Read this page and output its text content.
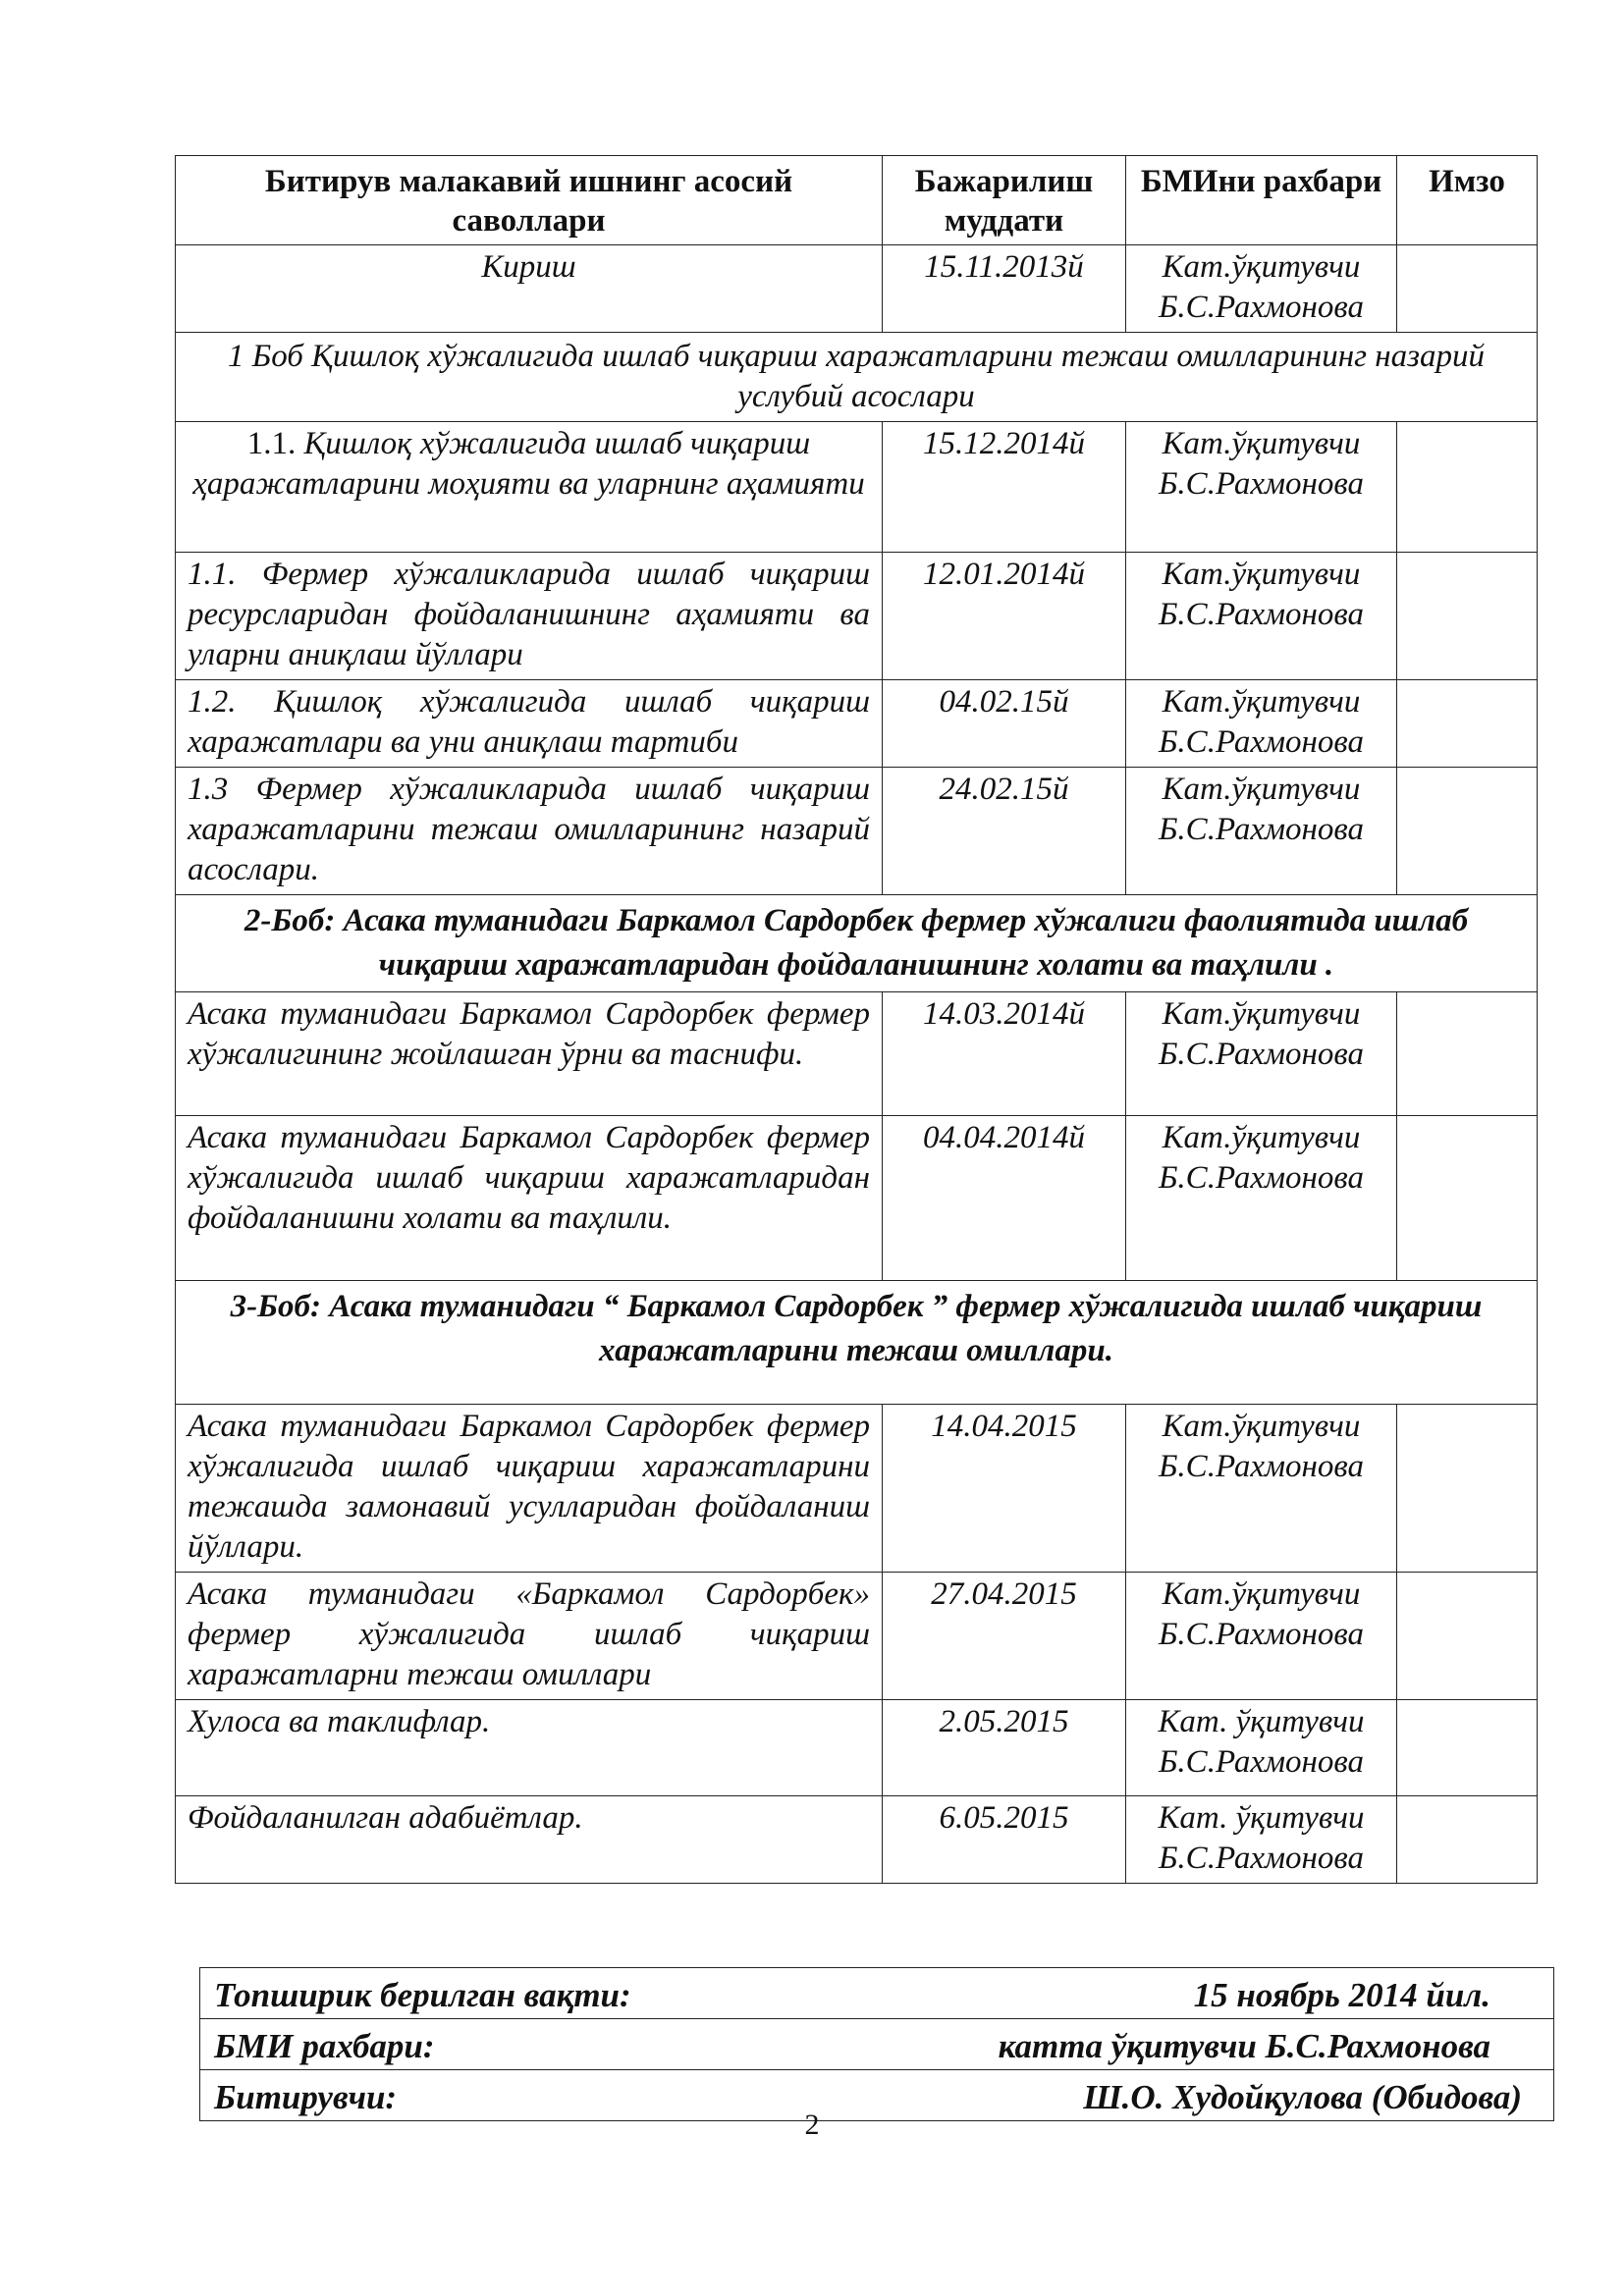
Битирув малакавий ишнинг асосий саволлари	Бажарилиш муддати	БМИни рахбари	Имзо
Кириш	15.11.2013й	Кат.ўқитувчи
Б.С.Рахмонова	

1 Боб Қишлоқ хўжалигида ишлаб чиқариш харажатларини тежаш омилларининг назарий услубий асослари			
1.1. Қишлоқ хўжалигида ишлаб чиқариш ҳаражатларини моҳияти ва уларнинг аҳамияти	15.12.2014й	Кат.ўқитувчи
Б.С.Рахмонова	

1.1. Фермер хўжаликларида ишлаб чиқариш ресурсларидан фойдаланишнинг аҳамияти ва уларни аниқлаш йўллари	12.01.2014й	Кат.ўқитувчи
Б.С.Рахмонова	

1.2. Қишлоқ хўжалигида ишлаб чиқариш харажатлари ва уни аниқлаш тартиби	04.02.15й	Кат.ўқитувчи
Б.С.Рахмонова	

1.3 Фермер хўжаликларида ишлаб чиқариш харажатларини тежаш омилларининг назарий асослари.	24.02.15й	Кат.ўқитувчи
Б.С.Рахмонова	

2-Боб: Асака туманидаги Баркамол Сардорбек фермер хўжалиги фаолиятида ишлаб чиқариш харажатларидан фойдаланишнинг холати ва таҳлили .			
Асака туманидаги Баркамол Сардорбек фермер хўжалигининг жойлашган ўрни ва таснифи.	14.03.2014й	Кат.ўқитувчи
Б.С.Рахмонова	

Асака туманидаги Баркамол Сардорбек фермер хўжалигида ишлаб чиқариш харажатларидан фойдаланишни холати ва таҳлили.	04.04.2014й	Кат.ўқитувчи
Б.С.Рахмонова	

3-Боб: Асака туманидаги “ Баркамол Сардорбек ” фермер хўжалигида ишлаб чиқариш харажатларини тежаш омиллари.			
Асака туманидаги Баркамол Сардорбек фермер хўжалигида ишлаб чиқариш харажатларини тежашда замонавий усулларидан фойдаланиш йўллари.	14.04.2015	Кат.ўқитувчи
Б.С.Рахмонова	

Асака туманидаги «Баркамол Сардорбек» фермер хўжалигида ишлаб чиқариш харажатларни тежаш омиллари	27.04.2015	Кат.ўқитувчи
Б.С.Рахмонова	

Хулоса ва таклифлар.	2.05.2015	Кат. ўқитувчи
Б.С.Рахмонова	

Фойдаланилган адабиётлар.	6.05.2015	Кат. ўқитувчи
Б.С.Рахмонова	

Топширик берилган вақти:	15 ноябрь 2014 йил.

БМИ рахбари:	катта ўқитувчи Б.С.Рахмонова

Битирувчи:	Ш.О. Худойқулова (Обидова)
2
